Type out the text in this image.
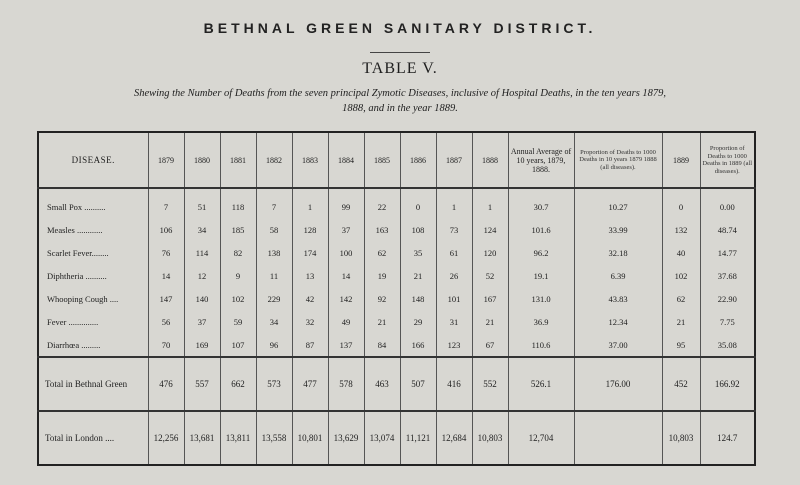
BETHNAL GREEN SANITARY DISTRICT.
TABLE V.
Shewing the Number of Deaths from the seven principal Zymotic Diseases, inclusive of Hospital Deaths, in the ten years 1879,
1888, and in the year 1889.
DISEASE.	1879	1880	1881	1882	1883	1884	1885	1886	1887	1888	Annual Average of 10 years, 1879, 1888.	Proportion of Deaths to 1000 Deaths in 10 years 1879 1888 (all diseases).	1889	Proportion of Deaths to 1000 Deaths in 1889 (all diseases).
Small Pox ..........	7	51	118	7	1	99	22	0	1	1	30.7	10.27	0	0.00
Measles ............	106	34	185	58	128	37	163	108	73	124	101.6	33.99	132	48.74
Scarlet Fever........	76	114	82	138	174	100	62	35	61	120	96.2	32.18	40	14.77
Diphtheria ..........	14	12	9	11	13	14	19	21	26	52	19.1	6.39	102	37.68
Whooping Cough ....	147	140	102	229	42	142	92	148	101	167	131.0	43.83	62	22.90
Fever ..............	56	37	59	34	32	49	21	29	31	21	36.9	12.34	21	7.75
Diarrhœa .........	70	169	107	96	87	137	84	166	123	67	110.6	37.00	95	35.08
Total in Bethnal Green	476	557	662	573	477	578	463	507	416	552	526.1	176.00	452	166.92
Total in London ....	12,256	13,681	13,811	13,558	10,801	13,629	13,074	11,121	12,684	10,803	12,704		10,803	124.7
